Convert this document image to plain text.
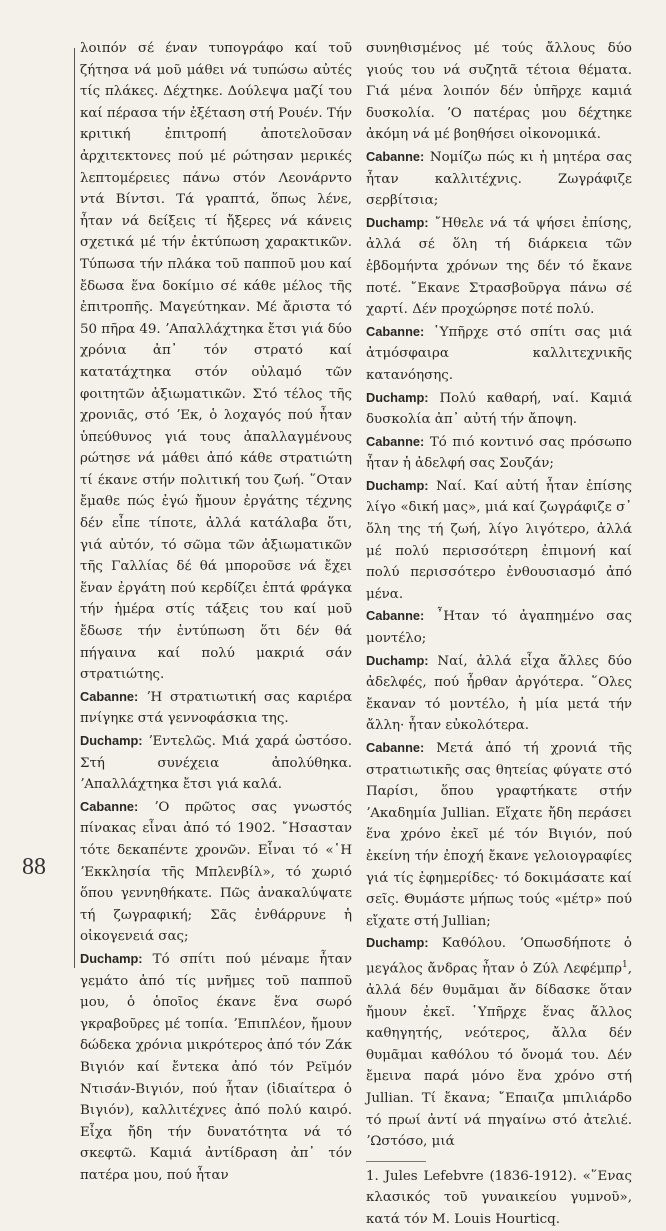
88

λοιπόν σέ έναν τυπογράφο καί τοῦ ζήτησα νά μοῦ μάθει νά τυπώσω αὐτές τίς πλάκες. Δέχτηκε. Δούλεψα μαζί του καί πέρασα τήν ἐξέταση στή Ρουέν. Τήν κριτική ἐπιτροπή ἀποτελοῦσαν ἀρχιτεκτονες πού μέ ρώτησαν μερικές λεπτομέρειες πάνω στόν Λεονάρντο ντά Βίντσι. Τά γραπτά, ὅπως λένε, ἦταν νά δείξεις τί ἤξερες νά κάνεις σχετικά μέ τήν ἐκτύπωση χαρακτικῶν. Τύπωσα τήν πλάκα τοῦ παπποῦ μου καί ἔδωσα ἕνα δοκίμιο σέ κάθε μέλος τῆς ἐπιτροπῆς. Μαγεύτηκαν. Μέ ἄριστα τό 50 πῆρα 49. ʼΑπαλλάχτηκα ἔτσι γιά δύο χρόνια ἀπ᾽ τόν στρατό καί κατατάχτηκα στόν οὐλαμό τῶν φοιτητῶν ἀξιωματικῶν. Στό τέλος τῆς χρονιᾶς, στό ʼΕκ, ὁ λοχαγός πού ἦταν ὑπεύθυνος γιά τους ἀπαλλαγμένους ρώτησε νά μάθει ἀπό κάθε στρατιώτη τί έκανε στήν πολιτική του ζωή. ῞Οταν ἔμαθε πώς ἐγώ ἤμουν ἐργάτης τέχνης δέν εἶπε τίποτε, ἀλλά κατάλαβα ὅτι, γιά αὐτόν, τό σῶμα τῶν ἀξιωματικῶν τῆς Γαλλίας δέ θά μποροῦσε νά ἔχει ἕναν ἐργάτη πού κερδίζει ἑπτά φράγκα τήν ἡμέρα στίς τάξεις του καί μοῦ ἔδωσε τήν ἐντύπωση ὅτι δέν θά πήγαινα καί πολύ μακριά σάν στρατιώτης.

Cabanne: ʼΗ στρατιωτική σας καριέρα πνίγηκε στά γεννοφάσκια της.

Duchamp: ʼΕντελῶς. Μιά χαρά ὡστόσο. Στή συνέχεια ἀπολύθηκα. ʼΑπαλλάχτηκα ἔτσι γιά καλά.

Cabanne: ʼΟ πρῶτος σας γνωστός πίνακας εἶναι ἀπό τό 1902. ῎Ησασταν τότε δεκαπέντε χρονῶν. Εἶναι τό «῾Η ʼΕκκλησία τῆς Μπλενβίλ», τό χωριό ὅπου γεννηθήκατε. Πῶς ἀνακαλύψατε τή ζωγραφική; Σᾶς ἐνθάρρυνε ἡ οἰκογενειά σας;

Duchamp: Τό σπίτι πού μέναμε ἦταν γεμάτο ἀπό τίς μνῆμες τοῦ παπποῦ μου, ὁ ὁποῖος έκανε ἕνα σωρό γκραβοῦρες μέ τοπία. ʼΕπιπλέον, ἤμουν δώδεκα χρόνια μικρότερος ἀπό τόν Ζάκ Βιγιόν καί ἔντεκα ἀπό τόν Ρεϊμόν Ντισάν-Βιγιόν, πού ἦταν (ἰδιαίτερα ὁ Βιγιόν), καλλιτέχνες ἀπό πολύ καιρό. Εἶχα ἤδη τήν δυνατότητα νά τό σκεφτῶ. Καμιά ἀντίδραση ἀπ᾽ τόν πατέρα μου, πού ἦταν

συνηθισμένος μέ τούς ἄλλους δύο γιούς του νά συζητᾶ τέτοια θέματα. Γιά μένα λοιπόν δέν ὑπῆρχε καμιά δυσκολία. ʼΟ πατέρας μου δέχτηκε ἀκόμη νά μέ βοηθήσει οἰκονομικά.

Cabanne: Νομίζω πώς κι ἡ μητέρα σας ἦταν καλλιτέχνις. Ζωγράφιζε σερβίτσια;

Duchamp: ῎Ηθελε νά τά ψήσει ἐπίσης, ἀλλά σέ ὅλη τή διάρκεια τῶν ἑβδομήντα χρόνων της δέν τό ἔκανε ποτέ. ῎Εκανε Στρασβοῦργα πάνω σέ χαρτί. Δέν προχώρησε ποτέ πολύ.

Cabanne: ῾Υπῆρχε στό σπίτι σας μιά ἀτμόσφαιρα καλλιτεχνικῆς κατανόησης.

Duchamp: Πολύ καθαρή, ναί. Καμιά δυσκολία ἀπ᾽ αὐτή τήν ἄποψη.

Cabanne: Τό πιό κοντινό σας πρόσωπο ἦταν ἡ ἀδελφή σας Σουζάν;

Duchamp: Ναί. Καί αὐτή ἦταν ἐπίσης λίγο «δική μας», μιά καί ζωγράφιζε σ᾽ ὅλη της τή ζωή, λίγο λιγότερο, ἀλλά μέ πολύ περισσότερη ἐπιμονή καί πολύ περισσότερο ἐνθουσιασμό ἀπό μένα.

Cabanne: ῏Ηταν τό ἀγαπημένο σας μοντέλο;

Duchamp: Ναί, ἀλλά εἶχα ἄλλες δύο ἀδελφές, πού ἦρθαν ἀργότερα. ῞Ολες ἔκαναν τό μοντέλο, ἡ μία μετά τήν ἄλλη· ἦταν εὐκολότερα.

Cabanne: Μετά ἀπό τή χρονιά τῆς στρατιωτικῆς σας θητείας φύγατε στό Παρίσι, ὅπου γραφτήκατε στήν ʼΑκαδημία Jullian. Εἴχατε ἤδη περάσει ἕνα χρόνο ἐκεῖ μέ τόν Βιγιόν, πού ἐκείνη τήν ἐποχή ἔκανε γελοιογραφίες γιά τίς ἐφημερίδες· τό δοκιμάσατε καί σεῖς. Θυμάστε μήπως τούς «μέτρ» πού εἴχατε στή Jullian;

Duchamp: Καθόλου. ʼΟπωσδήποτε ὁ μεγάλος ἄνδρας ἦταν ὁ Ζύλ Λεφέμπρ$^1$, ἀλλά δέν θυμᾶμαι ἄν δίδασκε ὅταν ἤμουν ἐκεῖ. ῾Υπῆρχε ἕνας ἄλλος καθηγητής, νεότερος, ἄλλα δέν θυμᾶμαι καθόλου τό ὄνομά του. Δέν ἔμεινα παρά μόνο ἕνα χρόνο στή Jullian. Τί ἔκανα; ῎Επαιζα μπιλιάρδο τό πρωί ἀντί νά πηγαίνω στό ἀτελιέ. ʼΩστόσο, μιά

1. Jules Lefebvre (1836-1912). «῞Ενας κλασικός τοῦ γυναικείου γυμνοῦ», κατά τόν M. Louis Hourticq.
